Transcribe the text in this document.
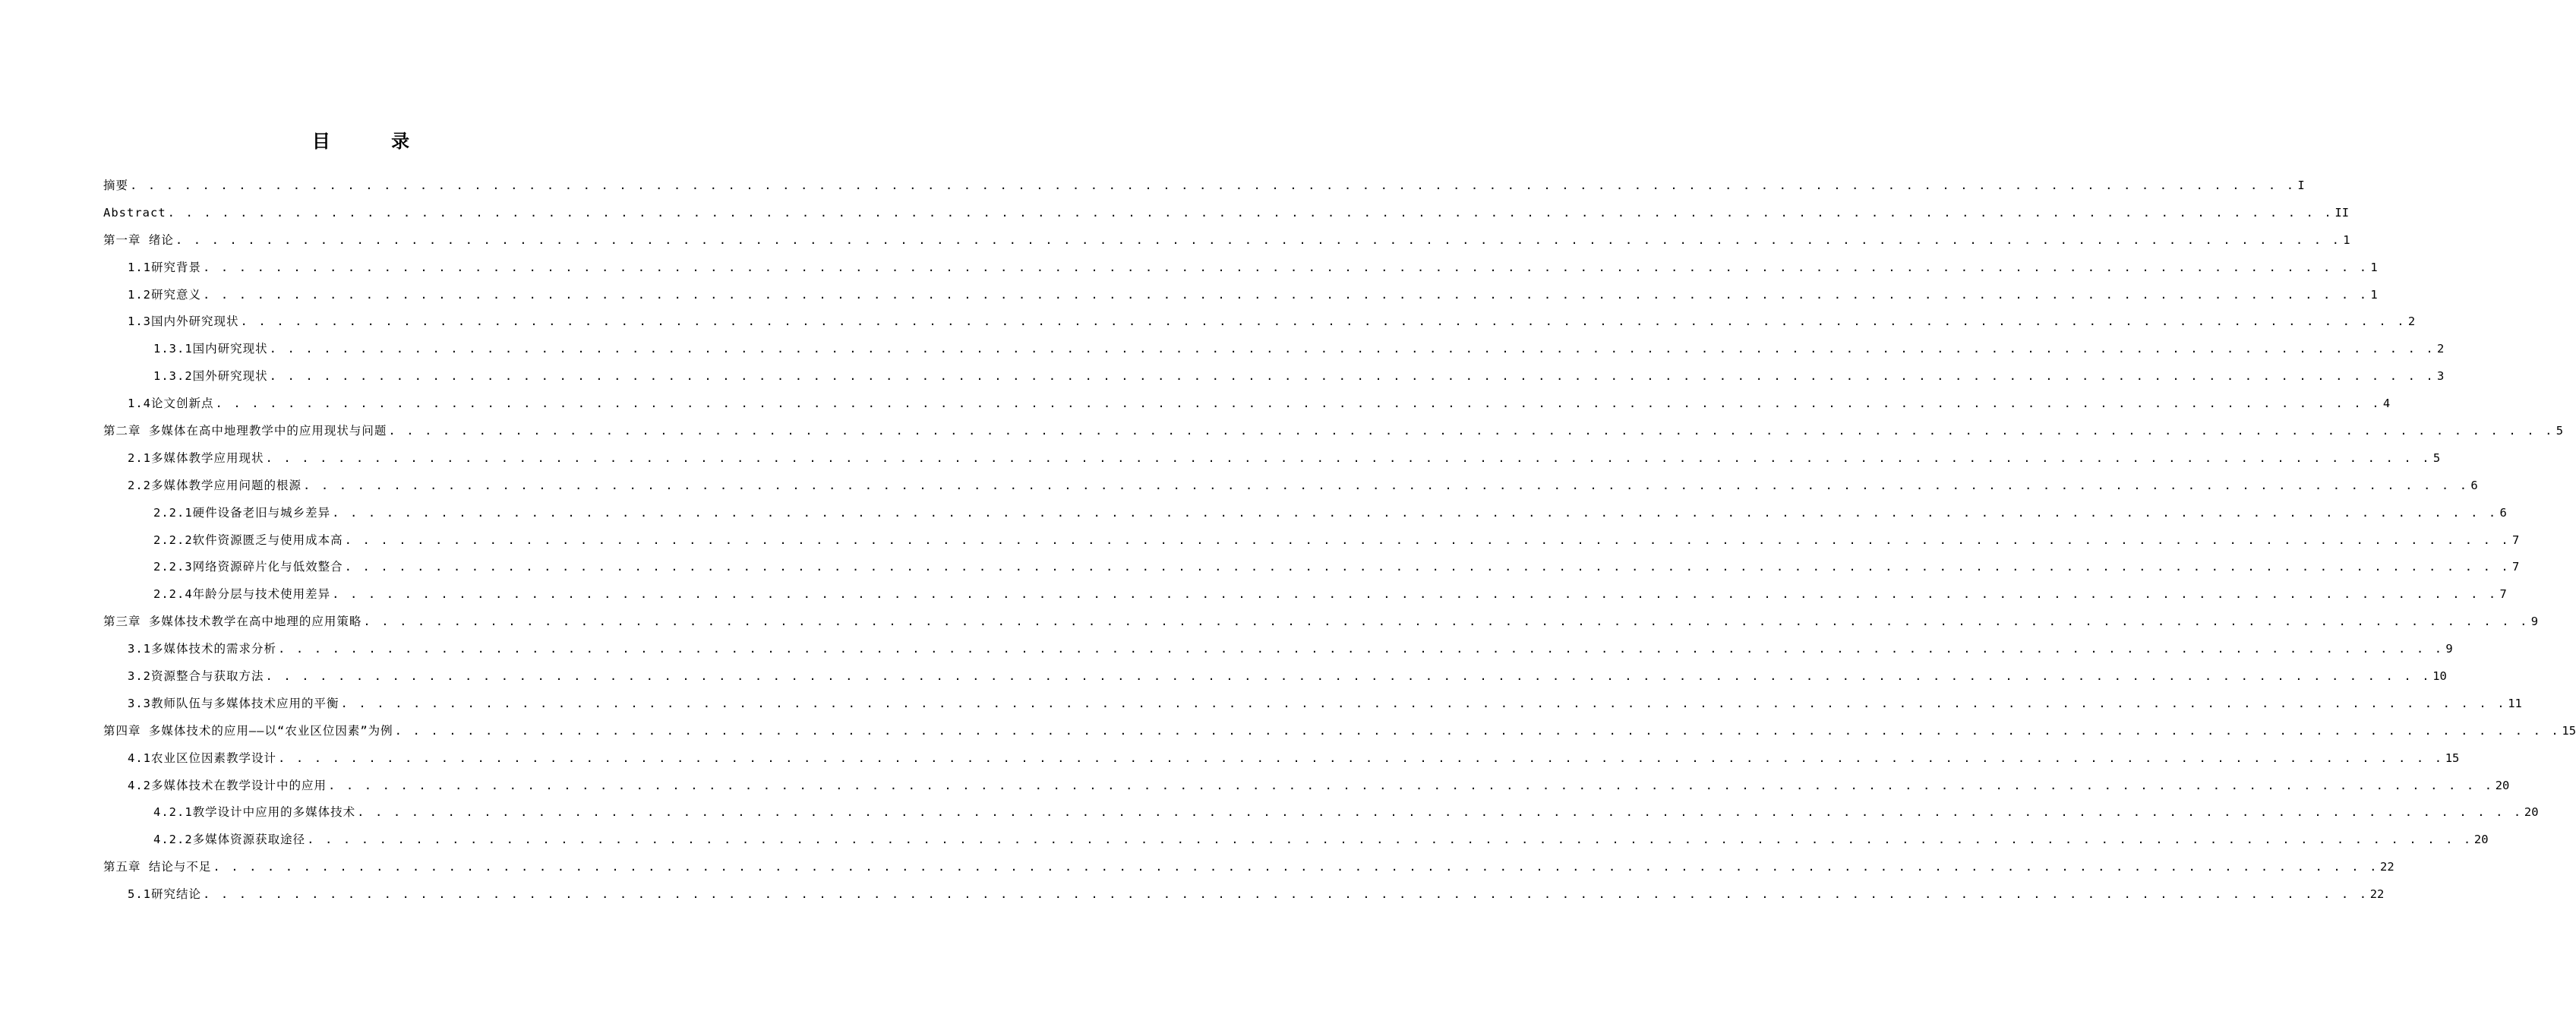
目 录
摘要 . . . . . . . . . . . . . . . . . . . . . . . . . . . . . . . . . . . . . . . . . . . . . . . . . . . . . . . . . . . . . . . . . . . . . . . . . . . . . . . . . . . . . . . . . . . . . . . . . . . . . . . . . . . . . . . . . . . . . . . . I
Abstract . . . . . . . . . . . . . . . . . . . . . . . . . . . . . . . . . . . . . . . . . . . . . . . . . . . . . . . . . . . . . . . . . . . . . . . . . . . . . . . . . . . . . . . . . . . . . . . . . . . . . . . . . . . . . . . . . . . . . . . . II
第一章 绪论 . . . . . . . . . . . . . . . . . . . . . . . . . . . . . . . . . . . . . . . . . . . . . . . . . . . . . . . . . . . . . . . . . . . . . . . . . . . . . . . . . . . . . . . . . . . . . . . . . . . . . . . . . . . . . . . . . . . . . . . . 1
1.1研究背景 . . . . . . . . . . . . . . . . . . . . . . . . . . . . . . . . . . . . . . . . . . . . . . . . . . . . . . . . . . . . . . . . . . . . . . . . . . . . . . . . . . . . . . . . . . . . . . . . . . . . . . . . . . . . . . . . . . . . . . . . 1
1.2研究意义 . . . . . . . . . . . . . . . . . . . . . . . . . . . . . . . . . . . . . . . . . . . . . . . . . . . . . . . . . . . . . . . . . . . . . . . . . . . . . . . . . . . . . . . . . . . . . . . . . . . . . . . . . . . . . . . . . . . . . . . . 1
1.3国内外研究现状 . . . . . . . . . . . . . . . . . . . . . . . . . . . . . . . . . . . . . . . . . . . . . . . . . . . . . . . . . . . . . . . . . . . . . . . . . . . . . . . . . . . . . . . . . . . . . . . . . . . . . . . . . . . . . . . . . . . . . . . . 2
1.3.1国内研究现状 . . . . . . . . . . . . . . . . . . . . . . . . . . . . . . . . . . . . . . . . . . . . . . . . . . . . . . . . . . . . . . . . . . . . . . . . . . . . . . . . . . . . . . . . . . . . . . . . . . . . . . . . . . . . . . . . . . . . . . . . 2
1.3.2国外研究现状 . . . . . . . . . . . . . . . . . . . . . . . . . . . . . . . . . . . . . . . . . . . . . . . . . . . . . . . . . . . . . . . . . . . . . . . . . . . . . . . . . . . . . . . . . . . . . . . . . . . . . . . . . . . . . . . . . . . . . . . . 3
1.4论文创新点 . . . . . . . . . . . . . . . . . . . . . . . . . . . . . . . . . . . . . . . . . . . . . . . . . . . . . . . . . . . . . . . . . . . . . . . . . . . . . . . . . . . . . . . . . . . . . . . . . . . . . . . . . . . . . . . . . . . . . . . . 4
第二章 多媒体在高中地理教学中的应用现状与问题 . . . . . . . . . . . . . . . . . . . . . . . . . . . . . . . . . . . . . . . . . . . . . . . . . . . . . . . . . . . . . . . . . . . . . . . . . . . . . . . . . . . . . . . . . . . . . . . . . . . . . . . . . . . . . . . . . . . . . . . . 5
2.1多媒体教学应用现状 . . . . . . . . . . . . . . . . . . . . . . . . . . . . . . . . . . . . . . . . . . . . . . . . . . . . . . . . . . . . . . . . . . . . . . . . . . . . . . . . . . . . . . . . . . . . . . . . . . . . . . . . . . . . . . . . . . . . . . . . 5
2.2多媒体教学应用问题的根源 . . . . . . . . . . . . . . . . . . . . . . . . . . . . . . . . . . . . . . . . . . . . . . . . . . . . . . . . . . . . . . . . . . . . . . . . . . . . . . . . . . . . . . . . . . . . . . . . . . . . . . . . . . . . . . . . . . . . . . . . 6
2.2.1硬件设备老旧与城乡差异 . . . . . . . . . . . . . . . . . . . . . . . . . . . . . . . . . . . . . . . . . . . . . . . . . . . . . . . . . . . . . . . . . . . . . . . . . . . . . . . . . . . . . . . . . . . . . . . . . . . . . . . . . . . . . . . . . . . . . . . . 6
2.2.2软件资源匮乏与使用成本高 . . . . . . . . . . . . . . . . . . . . . . . . . . . . . . . . . . . . . . . . . . . . . . . . . . . . . . . . . . . . . . . . . . . . . . . . . . . . . . . . . . . . . . . . . . . . . . . . . . . . . . . . . . . . . . . . . . . . . . . . 7
2.2.3网络资源碎片化与低效整合 . . . . . . . . . . . . . . . . . . . . . . . . . . . . . . . . . . . . . . . . . . . . . . . . . . . . . . . . . . . . . . . . . . . . . . . . . . . . . . . . . . . . . . . . . . . . . . . . . . . . . . . . . . . . . . . . . . . . . . . . 7
2.2.4年龄分层与技术使用差异 . . . . . . . . . . . . . . . . . . . . . . . . . . . . . . . . . . . . . . . . . . . . . . . . . . . . . . . . . . . . . . . . . . . . . . . . . . . . . . . . . . . . . . . . . . . . . . . . . . . . . . . . . . . . . . . . . . . . . . . . 7
第三章 多媒体技术教学在高中地理的应用策略 . . . . . . . . . . . . . . . . . . . . . . . . . . . . . . . . . . . . . . . . . . . . . . . . . . . . . . . . . . . . . . . . . . . . . . . . . . . . . . . . . . . . . . . . . . . . . . . . . . . . . . . . . . . . . . . . . . . . . . . . 9
3.1多媒体技术的需求分析 . . . . . . . . . . . . . . . . . . . . . . . . . . . . . . . . . . . . . . . . . . . . . . . . . . . . . . . . . . . . . . . . . . . . . . . . . . . . . . . . . . . . . . . . . . . . . . . . . . . . . . . . . . . . . . . . . . . . . . . . 9
3.2资源整合与获取方法 . . . . . . . . . . . . . . . . . . . . . . . . . . . . . . . . . . . . . . . . . . . . . . . . . . . . . . . . . . . . . . . . . . . . . . . . . . . . . . . . . . . . . . . . . . . . . . . . . . . . . . . . . . . . . . . . . . . . . . . . 10
3.3教师队伍与多媒体技术应用的平衡 . . . . . . . . . . . . . . . . . . . . . . . . . . . . . . . . . . . . . . . . . . . . . . . . . . . . . . . . . . . . . . . . . . . . . . . . . . . . . . . . . . . . . . . . . . . . . . . . . . . . . . . . . . . . . . . . . . . . . . . . 11
第四章 多媒体技术的应用——以“农业区位因素”为例 . . . . . . . . . . . . . . . . . . . . . . . . . . . . . . . . . . . . . . . . . . . . . . . . . . . . . . . . . . . . . . . . . . . . . . . . . . . . . . . . . . . . . . . . . . . . . . . . . . . . . . . . . . . . . . . . . . . . . . . . 15
4.1农业区位因素教学设计 . . . . . . . . . . . . . . . . . . . . . . . . . . . . . . . . . . . . . . . . . . . . . . . . . . . . . . . . . . . . . . . . . . . . . . . . . . . . . . . . . . . . . . . . . . . . . . . . . . . . . . . . . . . . . . . . . . . . . . . . 15
4.2多媒体技术在教学设计中的应用 . . . . . . . . . . . . . . . . . . . . . . . . . . . . . . . . . . . . . . . . . . . . . . . . . . . . . . . . . . . . . . . . . . . . . . . . . . . . . . . . . . . . . . . . . . . . . . . . . . . . . . . . . . . . . . . . . . . . . . . . 20
4.2.1教学设计中应用的多媒体技术 . . . . . . . . . . . . . . . . . . . . . . . . . . . . . . . . . . . . . . . . . . . . . . . . . . . . . . . . . . . . . . . . . . . . . . . . . . . . . . . . . . . . . . . . . . . . . . . . . . . . . . . . . . . . . . . . . . . . . . . . 20
4.2.2多媒体资源获取途径 . . . . . . . . . . . . . . . . . . . . . . . . . . . . . . . . . . . . . . . . . . . . . . . . . . . . . . . . . . . . . . . . . . . . . . . . . . . . . . . . . . . . . . . . . . . . . . . . . . . . . . . . . . . . . . . . . . . . . . . . 20
第五章 结论与不足 . . . . . . . . . . . . . . . . . . . . . . . . . . . . . . . . . . . . . . . . . . . . . . . . . . . . . . . . . . . . . . . . . . . . . . . . . . . . . . . . . . . . . . . . . . . . . . . . . . . . . . . . . . . . . . . . . . . . . . . . 22
5.1研究结论 . . . . . . . . . . . . . . . . . . . . . . . . . . . . . . . . . . . . . . . . . . . . . . . . . . . . . . . . . . . . . . . . . . . . . . . . . . . . . . . . . . . . . . . . . . . . . . . . . . . . . . . . . . . . . . . . . . . . . . . . 22
